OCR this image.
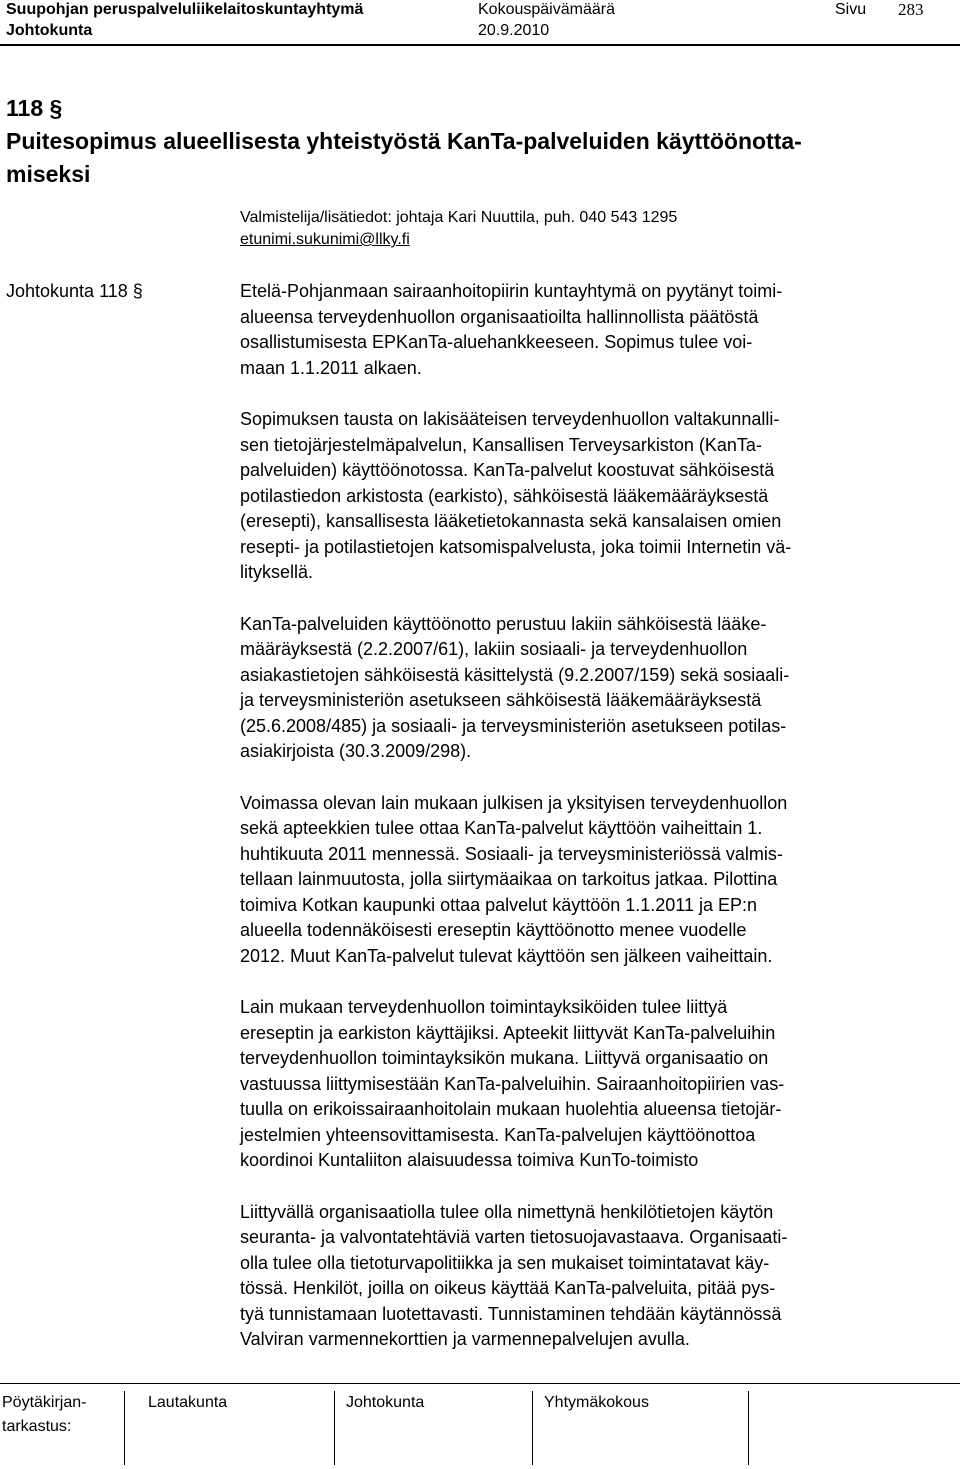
Suupohjan peruspalveluliikelaitoskuntayhtymä
Johtokunta
Kokouspäivämäärä
20.9.2010
Sivu 283
118 §
Puitesopimus alueellisesta yhteistyöstä KanTa-palveluiden käyttöönotta-
miseksi
Valmistelija/lisätiedot: johtaja Kari Nuuttila, puh. 040 543 1295
etunimi.sukunimi@llky.fi
Johtokunta 118 §	Etelä-Pohjanmaan sairaanhoitopiirin kuntayhtymä on pyytänyt toimi-
alueensa terveydenhuollon organisaatioilta hallinnollista päätöstä
osallistumisesta EPKanTa-aluehankkeeseen. Sopimus tulee voi-
maan 1.1.2011 alkaen.

Sopimuksen tausta on lakisääteisen terveydenhuollon valtakunnalli-
sen tietojärjestelmäpalvelun, Kansallisen Terveysarkiston (KanTa-
palveluiden) käyttöönotossa. KanTa-palvelut koostuvat sähköisestä
potilastiedon arkistosta (earkisto), sähköisestä lääkemääräyksestä
(eresepti), kansallisesta lääketietokannasta sekä kansalaisen omien
resepti- ja potilastietojen katsomispalvelusta, joka toimii Internetin vä-
lityksellä.

KanTa-palveluiden käyttöönotto perustuu lakiin sähköisestä lääke-
määräyksestä (2.2.2007/61), lakiin sosiaali- ja terveydenhuollon
asiakastietojen sähköisestä käsittelystä (9.2.2007/159) sekä sosiaali-
ja terveysministeriön asetukseen sähköisestä lääkemääräyksestä
(25.6.2008/485) ja sosiaali- ja terveysministeriön asetukseen potilas-
asiakirjoista (30.3.2009/298).

Voimassa olevan lain mukaan julkisen ja yksityisen terveydenhuollon
sekä apteekkien tulee ottaa KanTa-palvelut käyttöön vaiheittain 1.
huhtikuuta 2011 mennessä. Sosiaali- ja terveysministeriössä valmis-
tellaan lainmuutosta, jolla siirtymäaikaa on tarkoitus jatkaa. Pilottina
toimiva Kotkan kaupunki ottaa palvelut käyttöön 1.1.2011 ja EP:n
alueella todennäköisesti ereseptin käyttöönotto menee vuodelle
2012. Muut KanTa-palvelut tulevat käyttöön sen jälkeen vaiheittain.

Lain mukaan terveydenhuollon toimintayksiköiden tulee liittyä
ereseptin ja earkiston käyttäjiksi. Apteekit liittyvät KanTa-palveluihin
terveydenhuollon toimintayksikön mukana. Liittyvä organisaatio on
vastuussa liittymisestään KanTa-palveluihin. Sairaanhoitopiirien vas-
tuulla on erikoissairaanhoitolain mukaan huolehtia alueensa tietojär-
jestelmien yhteensovittamisesta. KanTa-palvelujen käyttöönottoa
koordinoi Kuntaliiton alaisuudessa toimiva KunTo-toimisto

Liittyvällä organisaatiolla tulee olla nimettynä henkilötietojen käytön
seuranta- ja valvontatehtäviä varten tietosuojavastaava. Organisaati-
olla tulee olla tietoturvapolitiikka ja sen mukaiset toimintatavat käy-
tössä. Henkilöt, joilla on oikeus käyttää KanTa-palveluita, pitää pys-
tyä tunnistamaan luotettavasti. Tunnistaminen tehdään käytännössä
Valviran varmennekorttien ja varmennepalvelujen avulla.

Pöytäkirjan-
tarkastus:
Lautakunta	Johtokunta	Yhtymäkokous
